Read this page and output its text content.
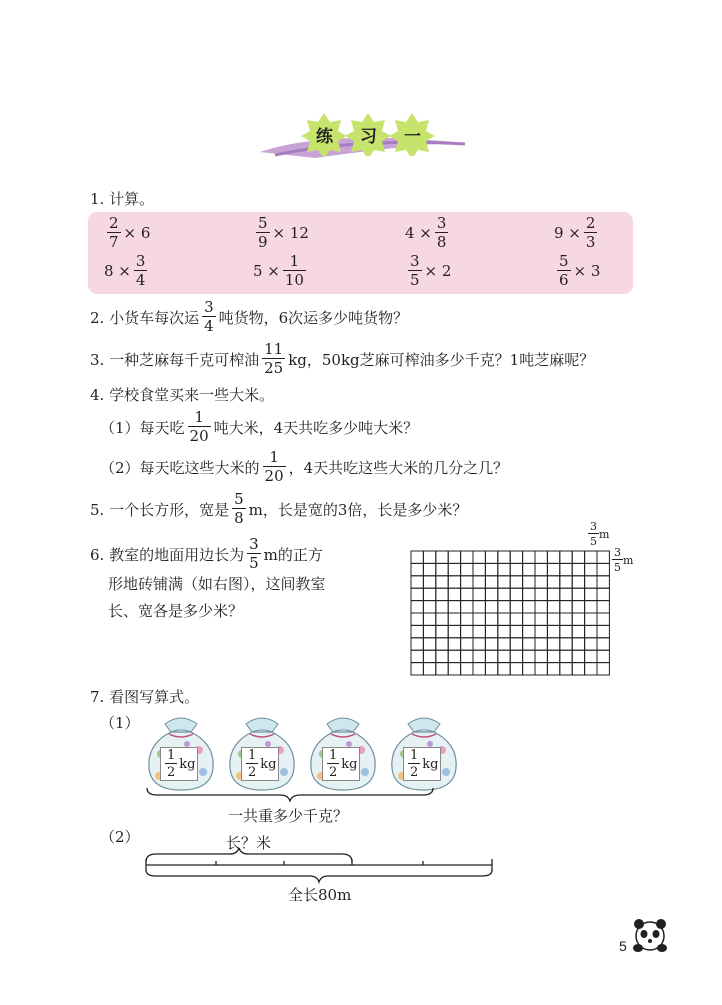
练 习 一
1. 计算。
$\frac{2}{7} \times 6$	$\frac{5}{9} \times 12$	$4 \times \frac{3}{8}$	$9 \times \frac{2}{3}$
$8 \times \frac{3}{4}$	$5 \times \frac{1}{10}$	$\frac{3}{5} \times 2$	$\frac{5}{6} \times 3$
2. 小货车每次运 $\frac{3}{4}$ 吨货物，6次运多少吨货物？
3. 一种芝麻每千克可榨油 $\frac{11}{25}$ kg，50kg芝麻可榨油多少千克？1吨芝麻呢？
4. 学校食堂买来一些大米。
（1）每天吃 $\frac{1}{20}$ 吨大米，4天共吃多少吨大米？
（2）每天吃这些大米的 $\frac{1}{20}$ ，4天共吃这些大米的几分之几？
5. 一个长方形，宽是 $\frac{5}{8}$ m，长是宽的3倍，长是多少米？
6. 教室的地面用边长为 $\frac{3}{5}$ m的正方
形地砖铺满（如右图），这间教室
长、宽各是多少米？
$\frac{3}{5}$ m
$\frac{3}{5}$ m
7. 看图写算式。
（1）
$\frac{1}{2}$ kg	$\frac{1}{2}$ kg	$\frac{1}{2}$ kg	$\frac{1}{2}$ kg
一共重多少千克？
（2）	长？米
全长80m
5
